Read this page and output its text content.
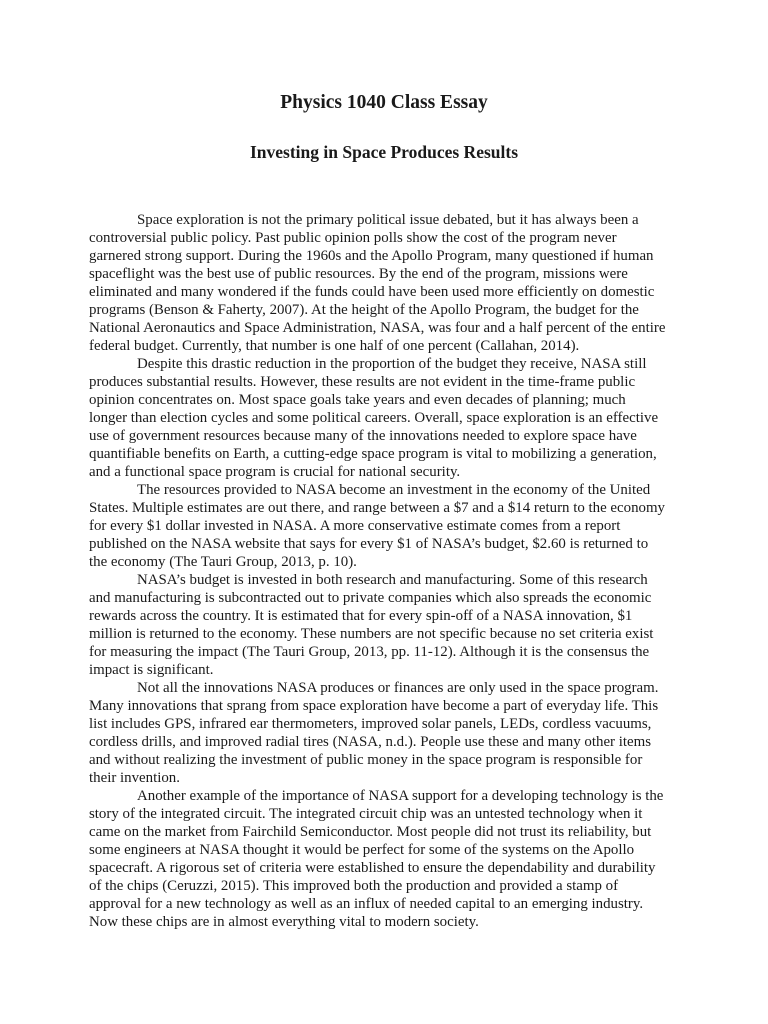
Physics 1040 Class Essay
Investing in Space Produces Results
Space exploration is not the primary political issue debated, but it has always been a
controversial public policy. Past public opinion polls show the cost of the program never
garnered strong support. During the 1960s and the Apollo Program, many questioned if human
spaceflight was the best use of public resources. By the end of the program, missions were
eliminated and many wondered if the funds could have been used more efficiently on domestic
programs (Benson & Faherty, 2007). At the height of the Apollo Program, the budget for the
National Aeronautics and Space Administration, NASA, was four and a half percent of the entire
federal budget. Currently, that number is one half of one percent (Callahan, 2014).
Despite this drastic reduction in the proportion of the budget they receive, NASA still
produces substantial results. However, these results are not evident in the time-frame public
opinion concentrates on. Most space goals take years and even decades of planning; much
longer than election cycles and some political careers. Overall, space exploration is an effective
use of government resources because many of the innovations needed to explore space have
quantifiable benefits on Earth, a cutting-edge space program is vital to mobilizing a generation,
and a functional space program is crucial for national security.
The resources provided to NASA become an investment in the economy of the United
States. Multiple estimates are out there, and range between a $7 and a $14 return to the economy
for every $1 dollar invested in NASA. A more conservative estimate comes from a report
published on the NASA website that says for every $1 of NASA’s budget, $2.60 is returned to
the economy (The Tauri Group, 2013, p. 10).
NASA’s budget is invested in both research and manufacturing. Some of this research
and manufacturing is subcontracted out to private companies which also spreads the economic
rewards across the country. It is estimated that for every spin-off of a NASA innovation, $1
million is returned to the economy. These numbers are not specific because no set criteria exist
for measuring the impact (The Tauri Group, 2013, pp. 11-12). Although it is the consensus the
impact is significant.
Not all the innovations NASA produces or finances are only used in the space program.
Many innovations that sprang from space exploration have become a part of everyday life. This
list includes GPS, infrared ear thermometers, improved solar panels, LEDs, cordless vacuums,
cordless drills, and improved radial tires (NASA, n.d.). People use these and many other items
and without realizing the investment of public money in the space program is responsible for
their invention.
Another example of the importance of NASA support for a developing technology is the
story of the integrated circuit. The integrated circuit chip was an untested technology when it
came on the market from Fairchild Semiconductor. Most people did not trust its reliability, but
some engineers at NASA thought it would be perfect for some of the systems on the Apollo
spacecraft. A rigorous set of criteria were established to ensure the dependability and durability
of the chips (Ceruzzi, 2015). This improved both the production and provided a stamp of
approval for a new technology as well as an influx of needed capital to an emerging industry.
Now these chips are in almost everything vital to modern society.
